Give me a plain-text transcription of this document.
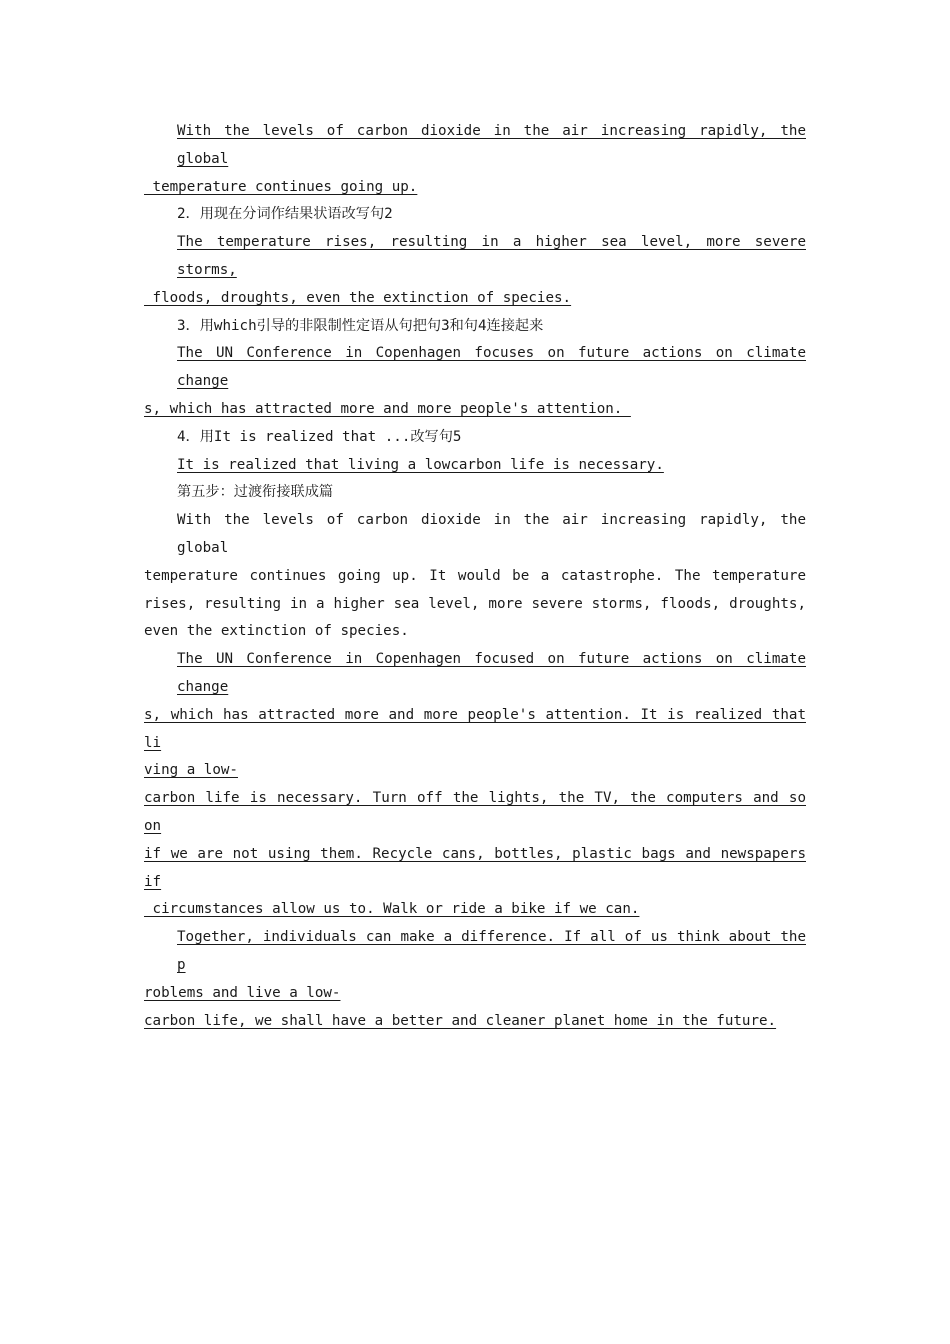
With the levels of carbon dioxide in the air increasing rapidly, the global
temperature continues going up.
2．用现在分词作结果状语改写句2
The temperature rises, resulting in a higher sea level, more severe storms,
floods, droughts, even the extinction of species.
3．用which引导的非限制性定语从句把句3和句4连接起来
The UN Conference in Copenhagen focuses on future actions on climate change
s, which has attracted more and more people's attention.
4．用It is realized that ...改写句5
It is realized that living a lowcarbon life is necessary.
第五步：过渡衔接联成篇
With the levels of carbon dioxide in the air increasing rapidly, the global
temperature continues going up. It would be a catastrophe. The temperature
rises, resulting in a higher sea level, more severe storms, floods, droughts,
even the extinction of species.
The UN Conference in Copenhagen focused on future actions on climate change
s, which has attracted more and more people's attention. It is realized that li
ving a low-
carbon life is necessary. Turn off the lights, the TV, the computers and so on
if we are not using them. Recycle cans, bottles, plastic bags and newspapers if
circumstances allow us to. Walk or ride a bike if we can.
Together, individuals can make a difference. If all of us think about the p
roblems and live a low-
carbon life, we shall have a better and cleaner planet home in the future.
